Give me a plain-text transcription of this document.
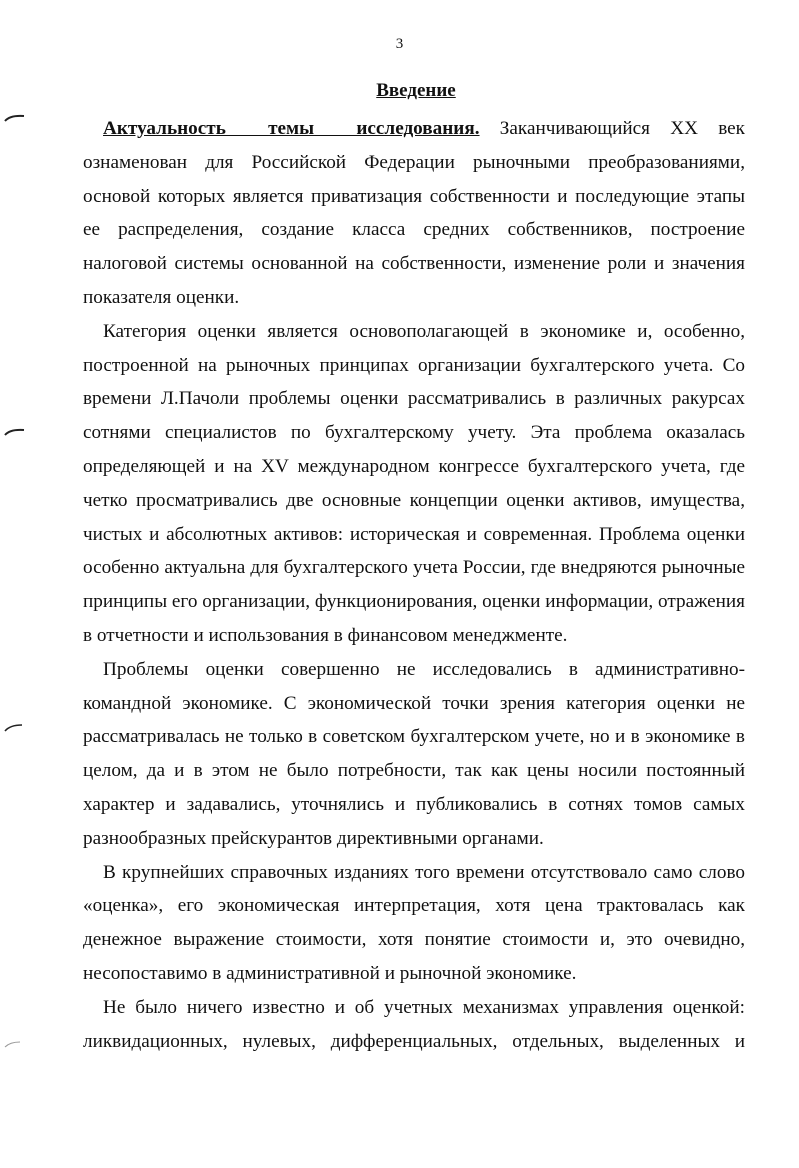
3
Введение

Актуальность темы исследования. Заканчивающийся XX век ознаменован для Российской Федерации рыночными преобразованиями, основой которых является приватизация собственности и последующие этапы ее распределения, создание класса средних собственников, построение налоговой системы основанной на собственности, изменение роли и значения показателя оценки.

Категория оценки является основополагающей в экономике и, особенно, построенной на рыночных принципах организации бухгалтерского учета. Со времени Л.Пачоли проблемы оценки рассматривались в различных ракурсах сотнями специалистов по бухгалтерскому учету. Эта проблема оказалась определяющей и на XV международном конгрессе бухгалтерского учета, где четко просматривались две основные концепции оценки активов, имущества, чистых и абсолютных активов: историческая и современная. Проблема оценки особенно актуальна для бухгалтерского учета России, где внедряются рыночные принципы его организации, функционирования, оценки информации, отражения в отчетности и использования в финансовом менеджменте.

Проблемы оценки совершенно не исследовались в административно-командной экономике. С экономической точки зрения категория оценки не рассматривалась не только в советском бухгалтерском учете, но и в экономике в целом, да и в этом не было потребности, так как цены носили постоянный характер и задавались, уточнялись и публиковались в сотнях томов самых разнообразных прейскурантов директивными органами.

В крупнейших справочных изданиях того времени отсутствовало само слово «оценка», его экономическая интерпретация, хотя цена трактовалась как денежное выражение стоимости, хотя понятие стоимости и, это очевидно, несопоставимо в административной и рыночной экономике.

Не было ничего известно и об учетных механизмах управления оценкой: ликвидационных, нулевых, дифференциальных, отдельных, выделенных и
